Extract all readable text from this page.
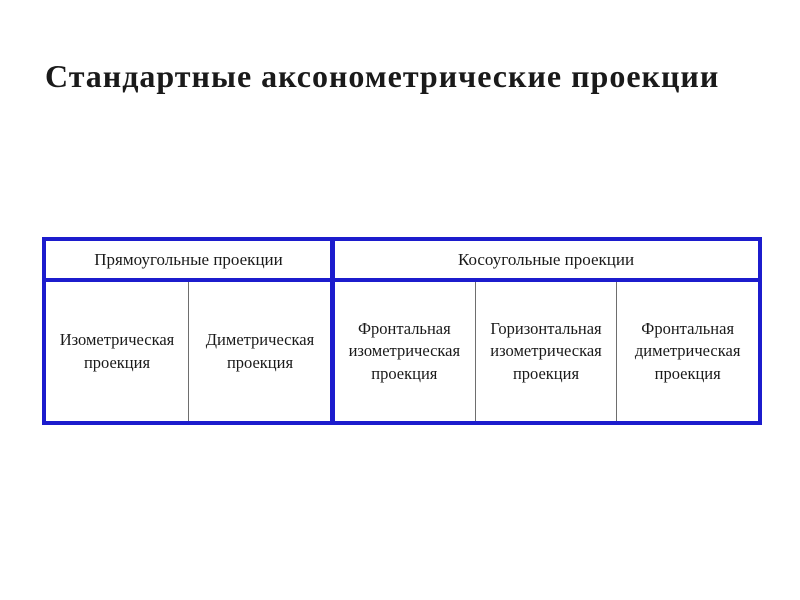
Стандартные аксонометрические проекции
Прямоугольные проекции
Изометрическая проекция
Диметрическая проекция
Косоугольные проекции
Фронтальная изометрическая проекция
Горизонтальная изометрическая проекция
Фронтальная диметрическая проекция
